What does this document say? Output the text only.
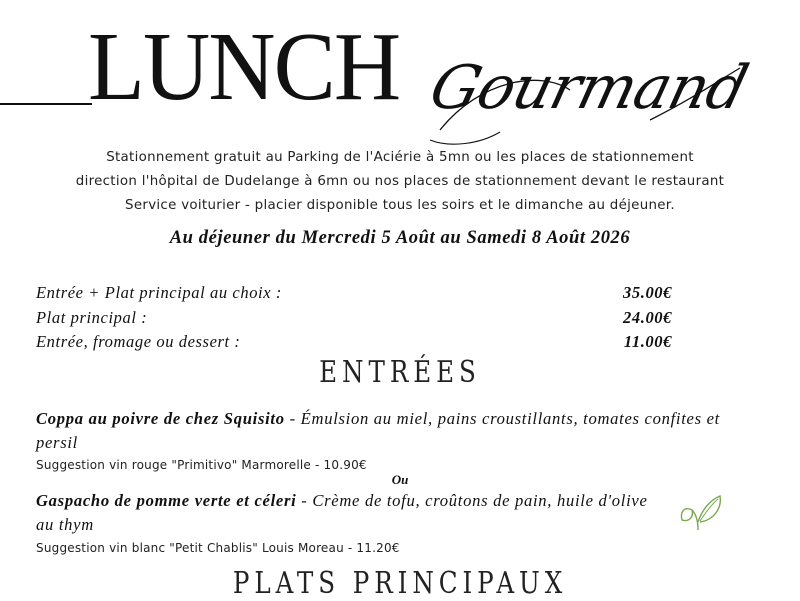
LUNCH Gourmand
Stationnement gratuit au Parking de l'Aciérie à 5mn ou les places de stationnement
direction l'hôpital de Dudelange à 6mn ou nos places de stationnement devant le restaurant
Service voiturier - placier disponible tous les soirs et le dimanche au déjeuner.
Au déjeuner du Mercredi 5 Août au Samedi 8 Août 2026
Entrée + Plat principal au choix :	35.00€
Plat principal :	24.00€
Entrée, fromage ou dessert :	11.00€
ENTRÉES
Coppa au poivre de chez Squisito - Émulsion au miel, pains croustillants, tomates confites et persil
Suggestion vin rouge "Primitivo" Marmorelle - 10.90€
Ou
Gaspacho de pomme verte et céleri - Crème de tofu, croûtons de pain, huile d'olive au thym
Suggestion vin blanc "Petit Chablis" Louis Moreau - 11.20€
PLATS PRINCIPAUX
